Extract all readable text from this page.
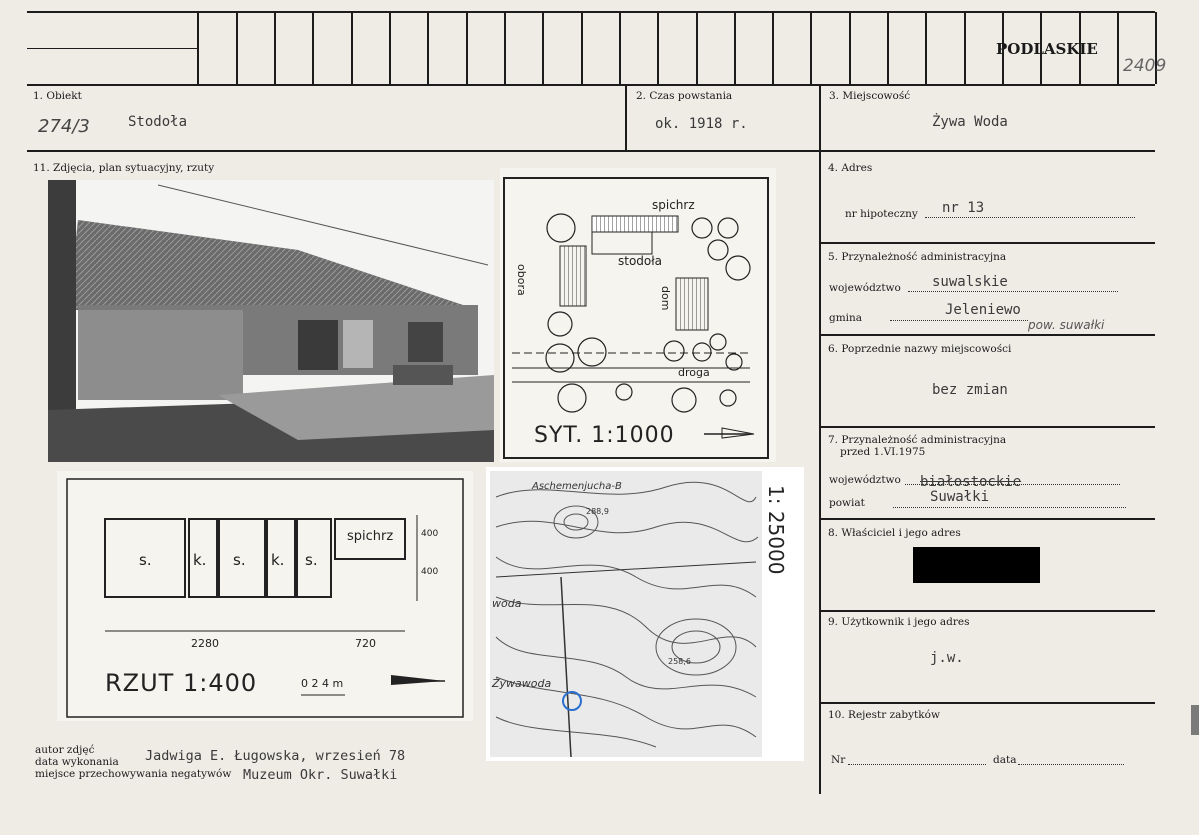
PODLASKIE
2409
1. Obiekt
274/3	Stodoła
2. Czas powstania
ok. 1918 r.
3. Miejscowość
Żywa Woda
11. Zdjęcia, plan sytuacyjny, rzuty
spichrz
stodoła
obora
dom
droga
SYT. 1:1000
s.	k. s. k. s.
spichrz
2280	720
400
400
RZUT 1:400	0 2 4 m
1: 25000
Aschemenjucha-B
woda
Żywawoda
288,9
258,6
4. Adres
nr hipoteczny nr 13
5. Przynależność administracyjna
województwo suwalskie
gmina	Jeleniewo
pow. suwałki
6. Poprzednie nazwy miejscowości
bez zmian
7. Przynależność administracyjna
przed 1.VI.1975
województwo białostockie
powiat	Suwałki
8. Właściciel i jego adres
9. Użytkownik i jego adres
j.w.
10. Rejestr zabytków
Nr	data
autor zdjęć
data wykonania
miejsce przechowywania negatywów
Jadwiga E. Ługowska, wrzesień 78
Muzeum Okr. Suwałki
